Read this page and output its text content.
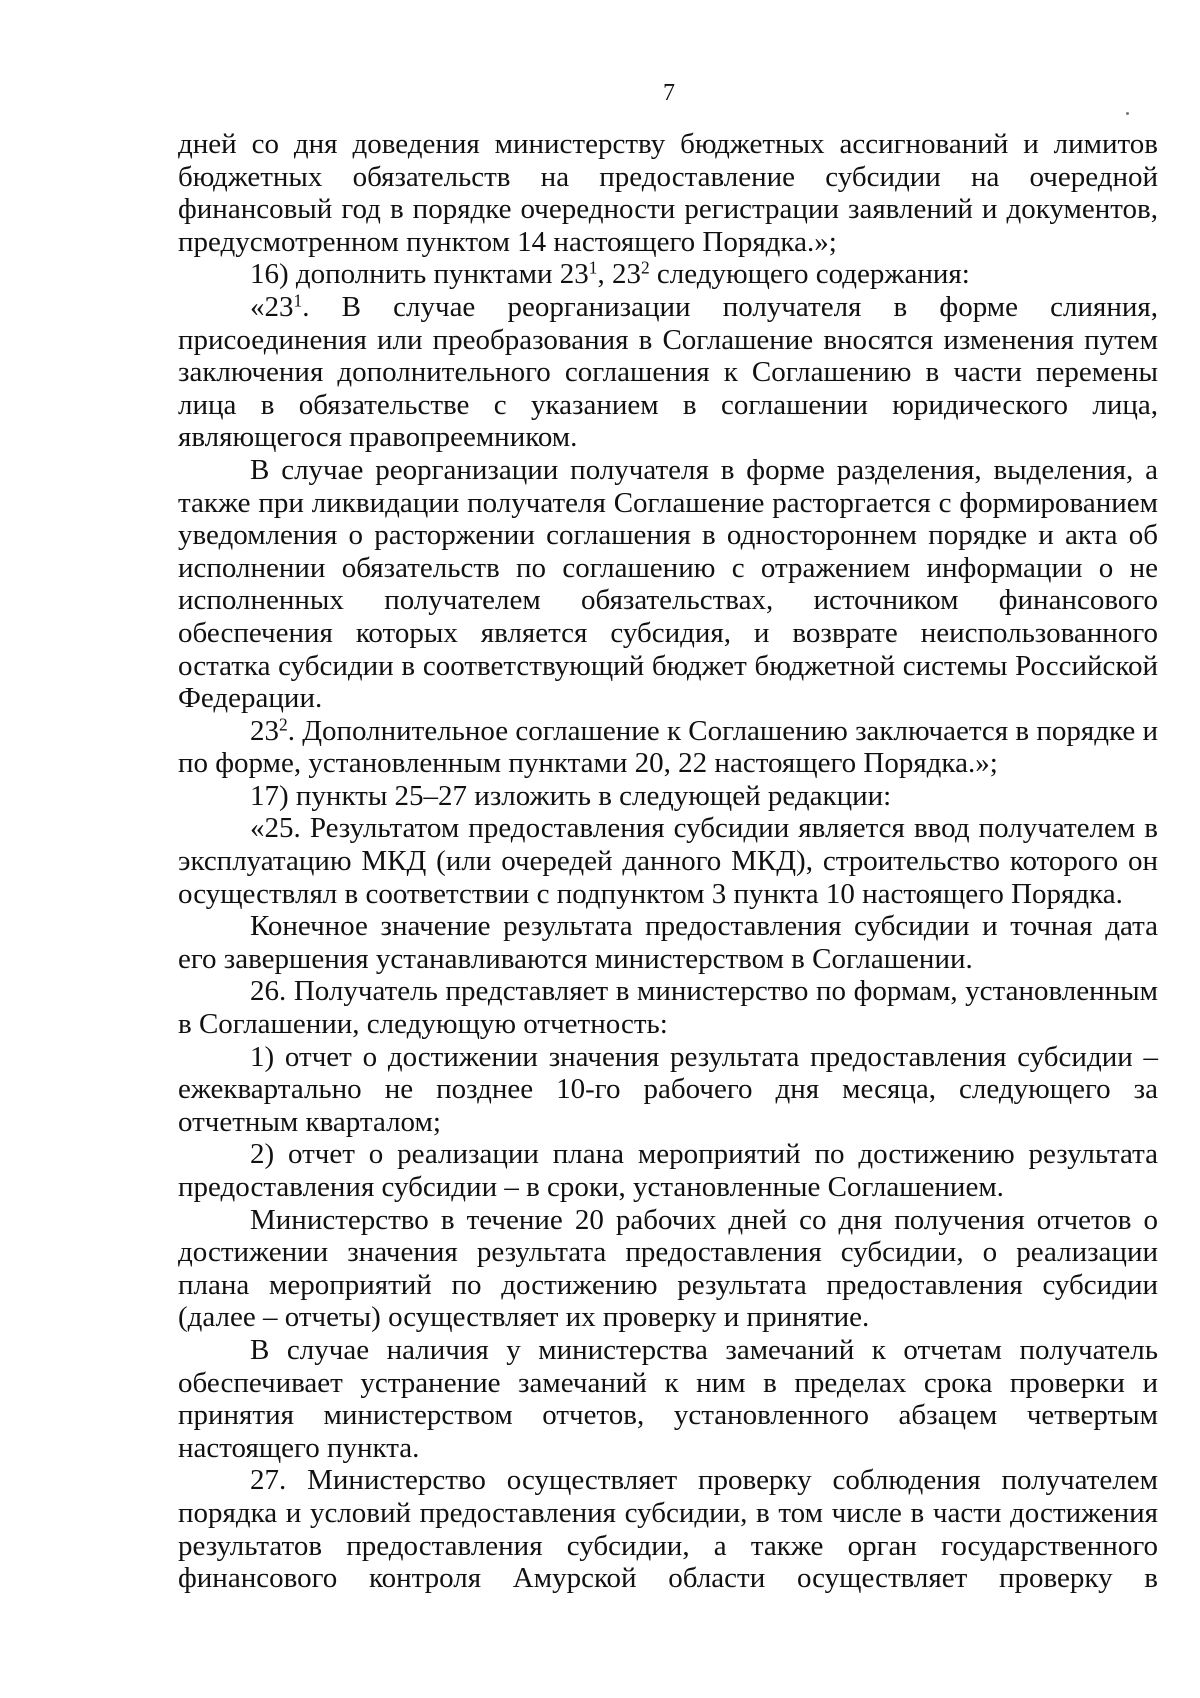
7

дней со дня доведения министерству бюджетных ассигнований и лимитов бюджетных обязательств на предоставление субсидии на очередной финансовый год в порядке очередности регистрации заявлений и документов, предусмотренном пунктом 14 настоящего Порядка.»;

16) дополнить пунктами $23^1$, $23^2$ следующего содержания:

«$23^1$. В случае реорганизации получателя в форме слияния, присоединения или преобразования в Соглашение вносятся изменения путем заключения дополнительного соглашения к Соглашению в части перемены лица в обязательстве с указанием в соглашении юридического лица, являющегося правопреемником.

В случае реорганизации получателя в форме разделения, выделения, а также при ликвидации получателя Соглашение расторгается с формированием уведомления о расторжении соглашения в одностороннем порядке и акта об исполнении обязательств по соглашению с отражением информации о не исполненных получателем обязательствах, источником финансового обеспечения которых является субсидия, и возврате неиспользованного остатка субсидии в соответствующий бюджет бюджетной системы Российской Федерации.

$23^2$. Дополнительное соглашение к Соглашению заключается в порядке и по форме, установленным пунктами 20, 22 настоящего Порядка.»;

17) пункты 25–27 изложить в следующей редакции:

«25. Результатом предоставления субсидии является ввод получателем в эксплуатацию МКД (или очередей данного МКД), строительство которого он осуществлял в соответствии с подпунктом 3 пункта 10 настоящего Порядка.

Конечное значение результата предоставления субсидии и точная дата его завершения устанавливаются министерством в Соглашении.

26. Получатель представляет в министерство по формам, установленным в Соглашении, следующую отчетность:

1) отчет о достижении значения результата предоставления субсидии – ежеквартально не позднее 10-го рабочего дня месяца, следующего за отчетным кварталом;

2) отчет о реализации плана мероприятий по достижению результата предоставления субсидии – в сроки, установленные Соглашением.

Министерство в течение 20 рабочих дней со дня получения отчетов о достижении значения результата предоставления субсидии, о реализации плана мероприятий по достижению результата предоставления субсидии (далее – отчеты) осуществляет их проверку и принятие.

В случае наличия у министерства замечаний к отчетам получатель обеспечивает устранение замечаний к ним в пределах срока проверки и принятия министерством отчетов, установленного абзацем четвертым настоящего пункта.

27. Министерство осуществляет проверку соблюдения получателем порядка и условий предоставления субсидии, в том числе в части достижения результатов предоставления субсидии, а также орган государственного финансового контроля Амурской области осуществляет проверку в
